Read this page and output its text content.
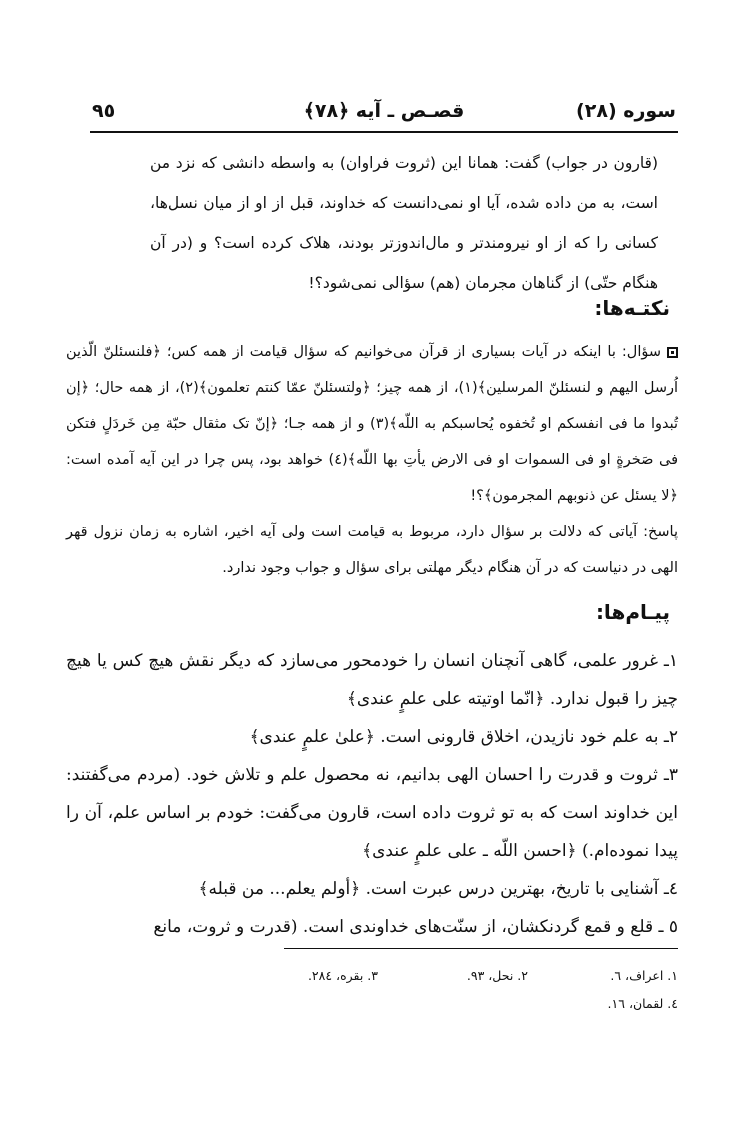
سوره (٢٨)
قصـص ـ آيه ﴿٧٨﴾
٩٥

(قارون در جواب) گفت: همانا این (ثروت فراوان) به واسطه دانشی که نزد من است، به من داده شده، آیا او نمی‌دانست که خداوند، قبل از او از میان نسل‌ها، کسانی را که از او نیرومندتر و مال‌اندوزتر بودند، هلاک کرده است؟ و (در آن هنگام حتّی) از گناهان مجرمان (هم) سؤالی نمی‌شود؟!

نکتـه‌ها:

سؤال: با اینکه در آیات بسیاری از قرآن می‌خوانیم که سؤال قیامت از همه کس؛ ﴿فلنسئلنّ الّذین اُرسل الیهم و لنسئلنّ المرسلین﴾(١)، از همه چیز؛ ﴿ولتسئلنّ عمّا کنتم تعلمون﴾(٢)، از همه حال؛ ﴿إن تُبدوا ما فی انفسکم او تُخفوه یُحاسبکم به اللّه﴾(٣) و از همه جـا؛ ﴿إنّ تک مثقال حبّة مِن خَردَلٍ فتکن فی صَخرةٍ او فی السموات او فی الارض یأتِ بها اللّه﴾(٤) خواهد بود، پس چرا در این آیه آمده است: ﴿لا یسئل عن ذنوبهم المجرمون﴾؟!

پاسخ: آیاتی که دلالت بر سؤال دارد، مربوط به قیامت است ولی آیه اخیر، اشاره به زمان نزول قهر الهی در دنیاست که در آن هنگام دیگر مهلتی برای سؤال و جواب وجود ندارد.

پیـام‌ها:

١ـ غرور علمی، گاهی آنچنان انسان را خودمحور می‌سازد که دیگر نقش هیچ کس یا هیچ چیز را قبول ندارد. ﴿انّما اوتیته علی علمٍ عندی﴾

٢ـ به علم خود نازیدن، اخلاق قارونی است. ﴿علیٰ علمٍ عندی﴾

٣ـ ثروت و قدرت را احسان الهی بدانیم، نه محصول علم و تلاش خود. (مردم می‌گفتند: این خداوند است که به تو ثروت داده است، قارون می‌گفت: خودم بر اساس علم، آن را پیدا نموده‌ام.) ﴿احسن اللّه ـ علی علمٍ عندی﴾

٤ـ آشنایی با تاریخ، بهترین درس عبرت است. ﴿أولم یعلم... من قبله﴾

٥ ـ قلع و قمع گردنکشان، از سنّت‌های خداوندی است. (قدرت و ثروت، مانع

١. اعراف، ٦.
٢. نحل، ٩٣.
٣. بقره، ٢٨٤.
٤. لقمان، ١٦.
